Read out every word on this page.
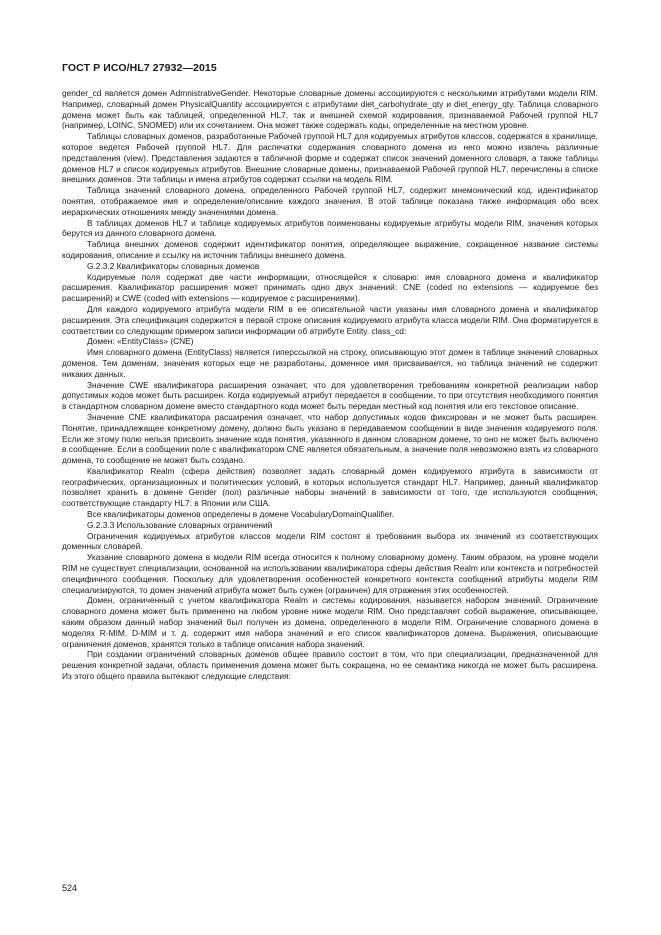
ГОСТ Р ИСО/HL7 27932—2015

gender_cd является домен AdmnistrativeGender. Некоторые словарные домены ассоциируются с несколькими атрибутами модели RIM. Например, словарный домен PhysicalQuantity ассоциируется с атрибутами diet_carbohydrate_qty и diet_energy_qty. Таблица словарного домена может быть как таблицей, определенной HL7, так и внешней схемой кодирования, признаваемой Рабочей группой HL7 (например, LOINC, SNOMED) или их сочетанием. Она может также содержать коды, определенные на местном уровне.

Таблицы словарных доменов, разработанные Рабочей группой HL7 для кодируемых атрибутов классов, содержатся в хранилище, которое ведется Рабочей группой HL7. Для распечатки содержания словарного домена из него можно извлечь различные представления (view). Представления задаются в табличной форме и содержат список значений доменного словаря, а также таблицы доменов HL7 и список кодируемых атрибутов. Внешние словарные домены, признаваемой Рабочей группой HL7, перечислены в списке внешних доменов. Эти таблицы и имена атрибутов содержат ссылки на модель RIM.

Таблица значений словарного домена, определенного Рабочей группой HL7, содержит мнемонический код, идентификатор понятия, отображаемое имя и определение/описание каждого значения. В этой таблице показана также информация обо всех иерархических отношениях между значениями домена.

В таблицах доменов HL7 и таблице кодируемых атрибутов поименованы кодируемые атрибуты модели RIM, значения которых берутся из данного словарного домена.

Таблица внешних доменов содержит идентификатор понятия, определяющее выражение, сокращенное название системы кодирования, описание и ссылку на источник таблицы внешнего домена.

G.2.3.2 Квалификаторы словарных доменов

Кодируемые поля содержат две части информации, относящейся к словарю: имя словарного домена и квалификатор расширения. Квалификатор расширения может принимать одно двух значений: CNE (coded no extensions — кодируемое без расширений) и CWE (coded with extensions — кодируемое с расширениями).

Для каждого кодируемого атрибута модели RIM в ее описательной части указаны имя словарного домена и квалификатор расширения. Эта спецификация содержится в первой строке описания кодируемого атрибута класса модели RIM. Она форматируется в соответствии со следующим примером записи информации об атрибуте Entity. class_cd:

Домен: «EntityClass» (CNE)

Имя словарного домена (EntityClass) является гиперссылкой на строку, описывающую этот домен в таблице значений словарных доменов. Тем доменам, значения которых еще не разработаны, доменное имя присваивается, но таблица значений не содержит никаких данных.

Значение CWE квалификатора расширения означает, что для удовлетворения требованиям конкретной реализации набор допустимых кодов может быть расширен. Когда кодируемый атрибут передается в сообщении, то при отсутствия необходимого понятия в стандартном словарном домене вместо стандартного кода может быть передан местный код понятия или его текстовое описание.

Значение CNE квалификатора расширения означает, что набор допустимых кодов фиксирован и не может быть расширен. Понятие, принадлежащее конкретному домену, должно быть указано в передаваемом сообщении в виде значения кодируемого поля. Если же этому полю нельзя присвоить значение кода понятия, указанного в данном словарном домене, то оно не может быть включено в сообщение. Если в сообщении поле с квалификатором CNE является обязательным, а значение поля невозможно взять из словарного домена, то сообщение не может быть создано.

Квалификатор Realm (сфера действия) позволяет задать словарный домен кодируемого атрибута в зависимости от географических, организационных и политических условий, в которых используется стандарт HL7. Например, данный квалификатор позволяет хранить в домене Gender (пол) различные наборы значений в зависимости от того, где используются сообщения, соответствующие стандарту HL7: в Японии или США.

Все квалификаторы доменов определены в домене VocabularyDomainQualifier.

G.2.3.3 Использование словарных ограничений

Ограничения кодируемых атрибутов классов модели RIM состоят в требования выбора их значений из соответствующих доменных словарей.

Указание словарного домена в модели RIM всегда относится к полному словарному домену. Таким образом, на уровне модели RIM не существует специализации, основанной на использовании квалификатора сферы действия Realm или контекста и потребностей специфичного сообщения. Поскольку для удовлетворения особенностей конкретного контекста сообщений атрибуты модели RIM специализируются, то домен значений атрибута может быть сужен (ограничен) для отражения этих особенностей.

Домен, ограниченный с учетом квалификатора Realm и системы кодирования, называется набором значений. Ограничение словарного домена может быть применено на любом уровне ниже модели RIM. Оно представляет собой выражение, описывающее, каким образом данный набор значений был получен из домена, определенного в модели RIM. Ограничение словарного домена в моделях R-MIM, D-MIM и т. д. содержит имя набора значений и его список квалификаторов домена. Выражения, описывающие ограничения доменов, хранятся только в таблице описания набора значений.

При создании ограничений словарных доменов общее правило состоит в том, что при специализации, предназначенной для решения конкретной задачи, область применения домена может быть сокращена, но ее семантика никогда не может быть расширена. Из этого общего правила вытекают следующие следствия:

524
